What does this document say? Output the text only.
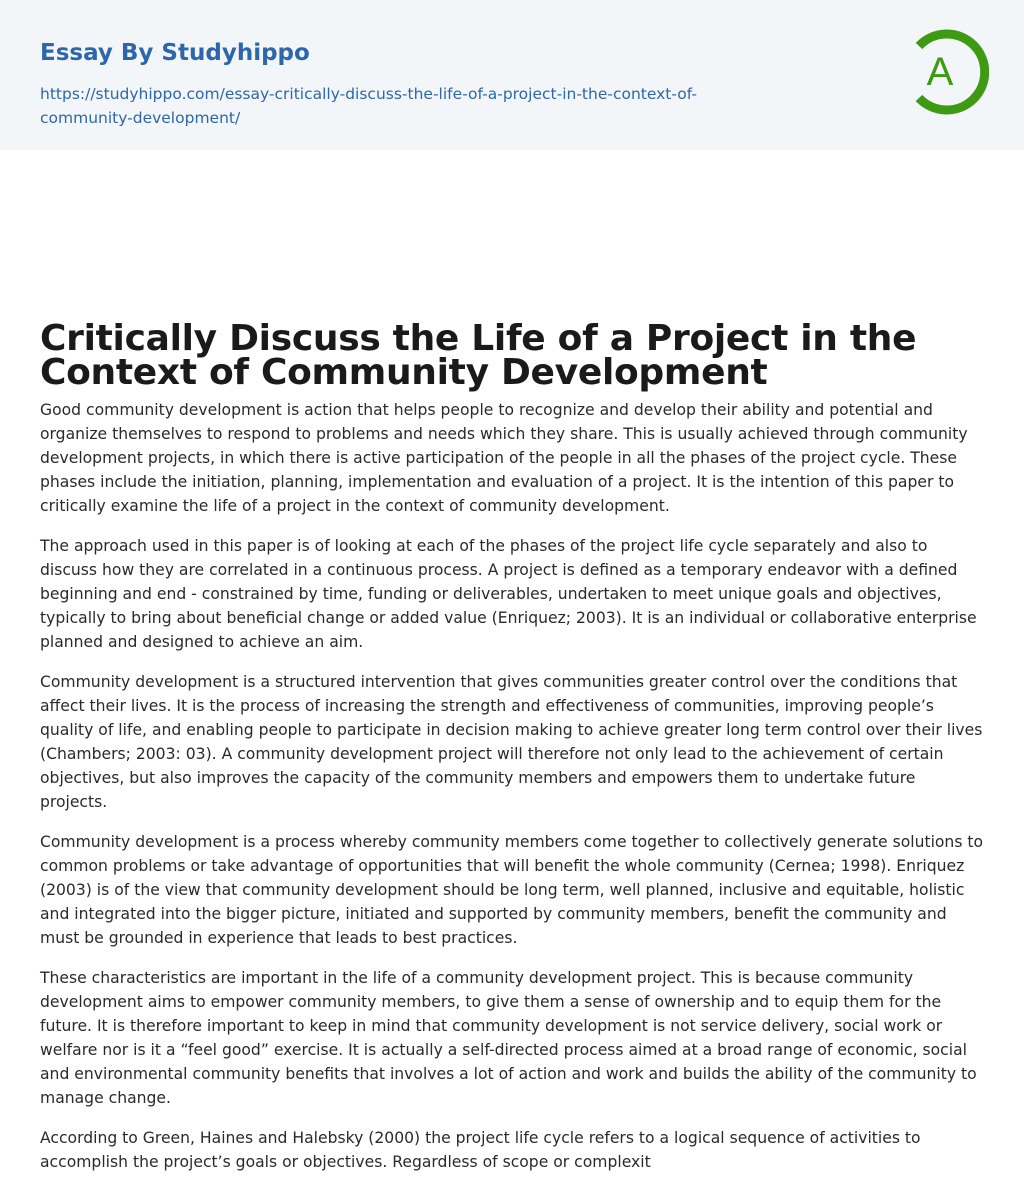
Essay By Studyhippo
https://studyhippo.com/essay-critically-discuss-the-life-of-a-project-in-the-context-of-community-development/
A
Critically Discuss the Life of a Project in the Context of Community Development

Good community development is action that helps people to recognize and develop their ability and potential and organize themselves to respond to problems and needs which they share. This is usually achieved through community development projects, in which there is active participation of the people in all the phases of the project cycle. These phases include the initiation, planning, implementation and evaluation of a project. It is the intention of this paper to critically examine the life of a project in the context of community development.

The approach used in this paper is of looking at each of the phases of the project life cycle separately and also to discuss how they are correlated in a continuous process. A project is defined as a temporary endeavor with a defined beginning and end - constrained by time, funding or deliverables, undertaken to meet unique goals and objectives, typically to bring about beneficial change or added value (Enriquez; 2003). It is an individual or collaborative enterprise planned and designed to achieve an aim.

Community development is a structured intervention that gives communities greater control over the conditions that affect their lives. It is the process of increasing the strength and effectiveness of communities, improving people’s quality of life, and enabling people to participate in decision making to achieve greater long term control over their lives (Chambers; 2003: 03). A community development project will therefore not only lead to the achievement of certain objectives, but also improves the capacity of the community members and empowers them to undertake future projects.

Community development is a process whereby community members come together to collectively generate solutions to common problems or take advantage of opportunities that will benefit the whole community (Cernea; 1998). Enriquez (2003) is of the view that community development should be long term, well planned, inclusive and equitable, holistic and integrated into the bigger picture, initiated and supported by community members, benefit the community and must be grounded in experience that leads to best practices.

These characteristics are important in the life of a community development project. This is because community development aims to empower community members, to give them a sense of ownership and to equip them for the future. It is therefore important to keep in mind that community development is not service delivery, social work or welfare nor is it a “feel good” exercise. It is actually a self-directed process aimed at a broad range of economic, social and environmental community benefits that involves a lot of action and work and builds the ability of the community to manage change.

According to Green, Haines and Halebsky (2000) the project life cycle refers to a logical sequence of activities to accomplish the project’s goals or objectives. Regardless of scope or complexit
